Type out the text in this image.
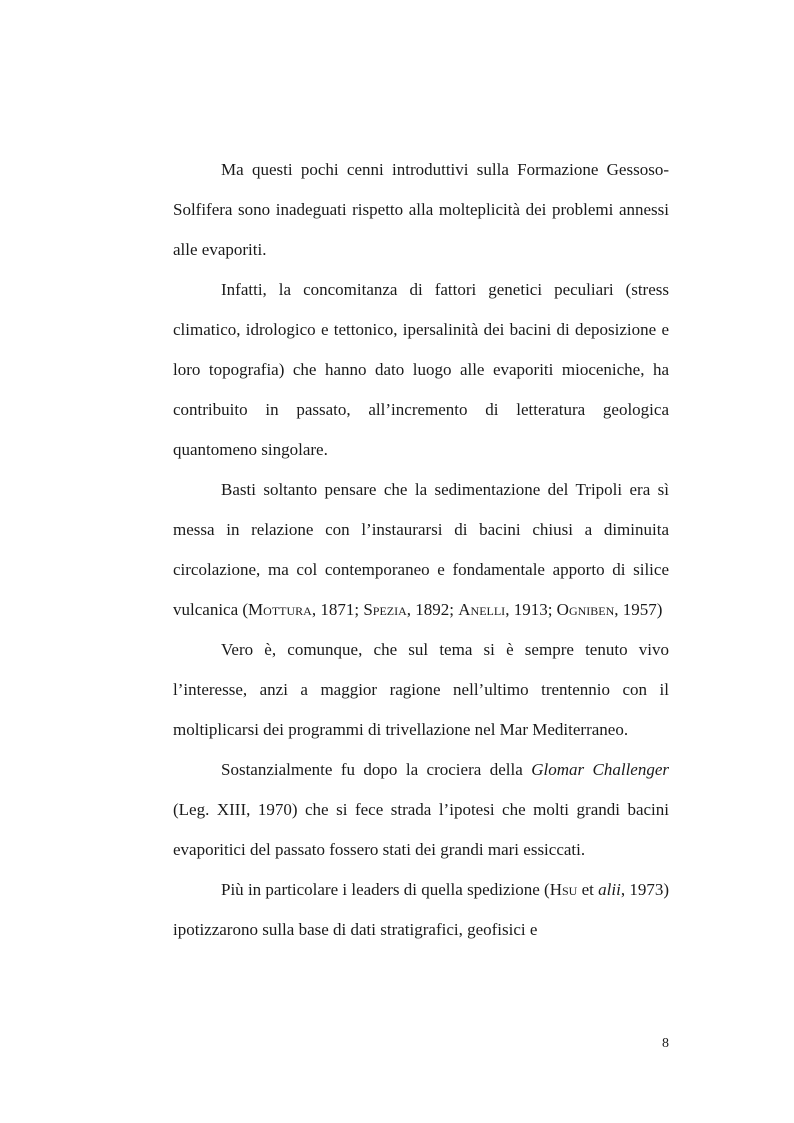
Ma questi pochi cenni introduttivi sulla Formazione Gessoso-Solfifera sono inadeguati rispetto alla molteplicità dei problemi annessi alle evaporiti.

Infatti, la concomitanza di fattori genetici peculiari (stress climatico, idrologico e tettonico, ipersalinità dei bacini di deposizione e loro topografia) che hanno dato luogo alle evaporiti mioceniche, ha contribuito in passato, all’incremento di letteratura geologica quantomeno singolare.

Basti soltanto pensare che la sedimentazione del Tripoli era sì messa in relazione con l’instaurarsi di bacini chiusi a diminuita circolazione, ma col contemporaneo e fondamentale apporto di silice vulcanica (Mottura, 1871; Spezia, 1892; Anelli, 1913; Ogniben, 1957)

Vero è, comunque, che sul tema si è sempre tenuto vivo l’interesse, anzi a maggior ragione nell’ultimo trentennio con il moltiplicarsi dei programmi di trivellazione nel Mar Mediterraneo.

Sostanzialmente fu dopo la crociera della Glomar Challenger (Leg. XIII, 1970) che si fece strada l’ipotesi che molti grandi bacini evaporitici del passato fossero stati dei grandi mari essiccati.

Più in particolare i leaders di quella spedizione (Hsu et alii, 1973) ipotizzarono sulla base di dati stratigrafici, geofisici e

8
